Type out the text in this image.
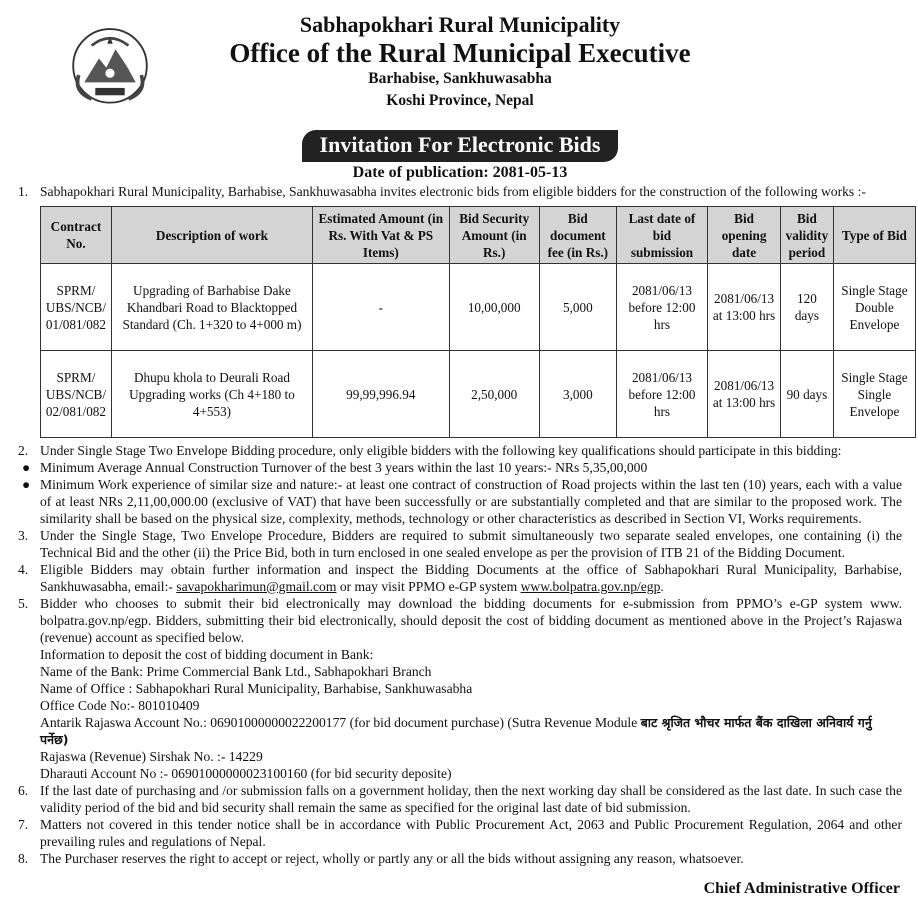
Sabhapokhari Rural Municipality
Office of the Rural Municipal Executive
Barhabise, Sankhuwasabha
Koshi Province, Nepal
Invitation For Electronic Bids
Date of publication: 2081-05-13
1. Sabhapokhari Rural Municipality, Barhabise, Sankhuwasabha invites electronic bids from eligible bidders for the construction of the following works :-
Contract No.	Description of work	Estimated Amount (in Rs. With Vat & PS Items)	Bid Security Amount (in Rs.)	Bid document fee (in Rs.)	Last date of bid submission	Bid opening date	Bid validity period	Type of Bid
SPRM/ UBS/NCB/ 01/081/082	Upgrading of Barhabise Dake Khandbari Road to Blacktopped Standard (Ch. 1+320 to 4+000 m)	-	10,00,000	5,000	2081/06/13 before 12:00 hrs	2081/06/13 at 13:00 hrs	120 days	Single Stage Double Envelope
SPRM/ UBS/NCB/ 02/081/082	Dhupu khola to Deurali Road Upgrading works (Ch 4+180 to 4+553)	99,99,996.94	2,50,000	3,000	2081/06/13 before 12:00 hrs	2081/06/13 at 13:00 hrs	90 days	Single Stage Single Envelope
2. Under Single Stage Two Envelope Bidding procedure, only eligible bidders with the following key qualifications should participate in this bidding:
● Minimum Average Annual Construction Turnover of the best 3 years within the last 10 years:- NRs 5,35,00,000
● Minimum Work experience of similar size and nature:- at least one contract of construction of Road projects within the last ten (10) years, each with a value of at least NRs 2,11,00,000.00 (exclusive of VAT) that have been successfully or are substantially completed and that are similar to the proposed work. The similarity shall be based on the physical size, complexity, methods, technology or other characteristics as described in Section VI, Works requirements.
3. Under the Single Stage, Two Envelope Procedure, Bidders are required to submit simultaneously two separate sealed envelopes, one containing (i) the Technical Bid and the other (ii) the Price Bid, both in turn enclosed in one sealed envelope as per the provision of ITB 21 of the Bidding Document.
4. Eligible Bidders may obtain further information and inspect the Bidding Documents at the office of Sabhapokhari Rural Municipality, Barhabise, Sankhuwasabha, email:- savapokharimun@gmail.com or may visit PPMO e-GP system www.bolpatra.gov.np/egp.
5. Bidder who chooses to submit their bid electronically may download the bidding documents for e-submission from PPMO’s e-GP system www. bolpatra.gov.np/egp. Bidders, submitting their bid electronically, should deposit the cost of bidding document as mentioned above in the Project’s Rajaswa (revenue) account as specified below.
Information to deposit the cost of bidding document in Bank:
Name of the Bank: Prime Commercial Bank Ltd., Sabhapokhari Branch
Name of Office : Sabhapokhari Rural Municipality, Barhabise, Sankhuwasabha
Office Code No:- 801010409
Antarik Rajaswa Account No.: 06901000000022200177 (for bid document purchase) (Sutra Revenue Module बाट श्रृजित भौचर मार्फत बैंक दाखिला अनिवार्य गर्नु पर्नेछ)
Rajaswa (Revenue) Sirshak No. :- 14229
Dharauti Account No :- 06901000000023100160 (for bid security deposite)
6. If the last date of purchasing and /or submission falls on a government holiday, then the next working day shall be considered as the last date. In such case the validity period of the bid and bid security shall remain the same as specified for the original last date of bid submission.
7. Matters not covered in this tender notice shall be in accordance with Public Procurement Act, 2063 and Public Procurement Regulation, 2064 and other prevailing rules and regulations of Nepal.
8. The Purchaser reserves the right to accept or reject, wholly or partly any or all the bids without assigning any reason, whatsoever.
Chief Administrative Officer
